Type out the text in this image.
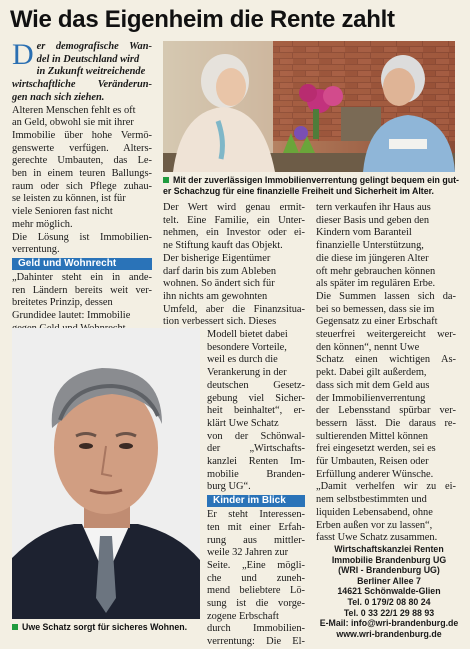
Wie das Eigenheim die Rente zahlt
D er demografische Wan-
del in Deutschland wird
in Zukunft weitreichende
wirtschaftliche Veränderun-
gen nach sich ziehen.
Alteren Menschen fehlt es oft
an Geld, obwohl sie mit ihrer
Immobilie über hohe Vermö-
genswerte verfügen. Alters-
gerechte Umbauten, das Le-
ben in einem teuren Ballungs-
raum oder sich Pflege zuhau-
se leisten zu können, ist für
viele Senioren fast nicht
mehr möglich.
Die Lösung ist Immobilien-
verrentung.
Geld und Wohnrecht
„Dahinter steht ein in ande-
ren Ländern bereits weit ver-
breitetes Prinzip, dessen
Grundidee lautet: Immobilie
Mit der zuverlässigen Immobilienverrentung gelingt bequem ein gut-
er Schachzug für eine finanzielle Freiheit und Sicherheit im Alter.
Der Wert wird genau ermit-
telt. Eine Familie, ein Unter-
nehmen, ein Investor oder ei-
ne Stiftung kauft das Objekt.
Der bisherige Eigentümer
darf darin bis zum Ableben
wohnen. So ändert sich für
ihn nichts am gewohnten
Umfeld, aber die Finanzsitua-
tion verbessert sich. Dieses
Modell bietet dabei
besondere Vorteile,
weil es durch die
Verankerung in der
deutschen Gesetz-
gebung viel Sicher-
heit beinhaltet“, er-
klärt Uwe Schatz
von der Schönwal-
der „Wirtschafts-
kanzlei Renten Im-
mobilie Branden-
burg UG“.
Kinder im Blick
Er steht Interessen-
ten mit einer Erfah-
rung aus mittler-
weile 32 Jahren zur
Seite. „Eine mögli-
che und zuneh-
mend beliebtere Lö-
sung ist die vorge-
zogene Erbschaft
durch Immobilien-
verrentung: Die El-
Uwe Schatz sorgt für sicheres Wohnen.
tern verkaufen ihr Haus aus
dieser Basis und geben den
Kindern vom Baranteil
finanzielle Unterstützung,
die diese im jüngeren Alter
oft mehr gebrauchen können
als später im regulären Erbe.
Die Summen lassen sich da-
bei so bemessen, dass sie im
Gegensatz zu einer Erbschaft
steuerfrei weitergereicht wer-
den können“, nennt Uwe
Schatz einen wichtigen As-
pekt. Dabei gilt außerdem,
dass sich mit dem Geld aus
der Immobilienverrentung
der Lebensstand spürbar ver-
bessern lässt. Die daraus re-
sultierenden Mittel können
frei eingesetzt werden, sei es
für Umbauten, Reisen oder
Erfüllung anderer Wünsche.
„Damit verhelfen wir zu ei-
nem selbstbestimmten und
liquiden Lebensabend, ohne
Erben außen vor zu lassen“,
fasst Uwe Schatz zusammen.
Wirtschaftskanzlei Renten
Immobilie Brandenburg UG
(WRI - Brandenburg UG)
Berliner Allee 7
14621 Schönwalde-Glien
Tel. 0 179/2 08 80 24
Tel. 0 33 22/1 29 88 93
E-Mail: info@wri-brandenburg.de
www.wri-brandenburg.de
